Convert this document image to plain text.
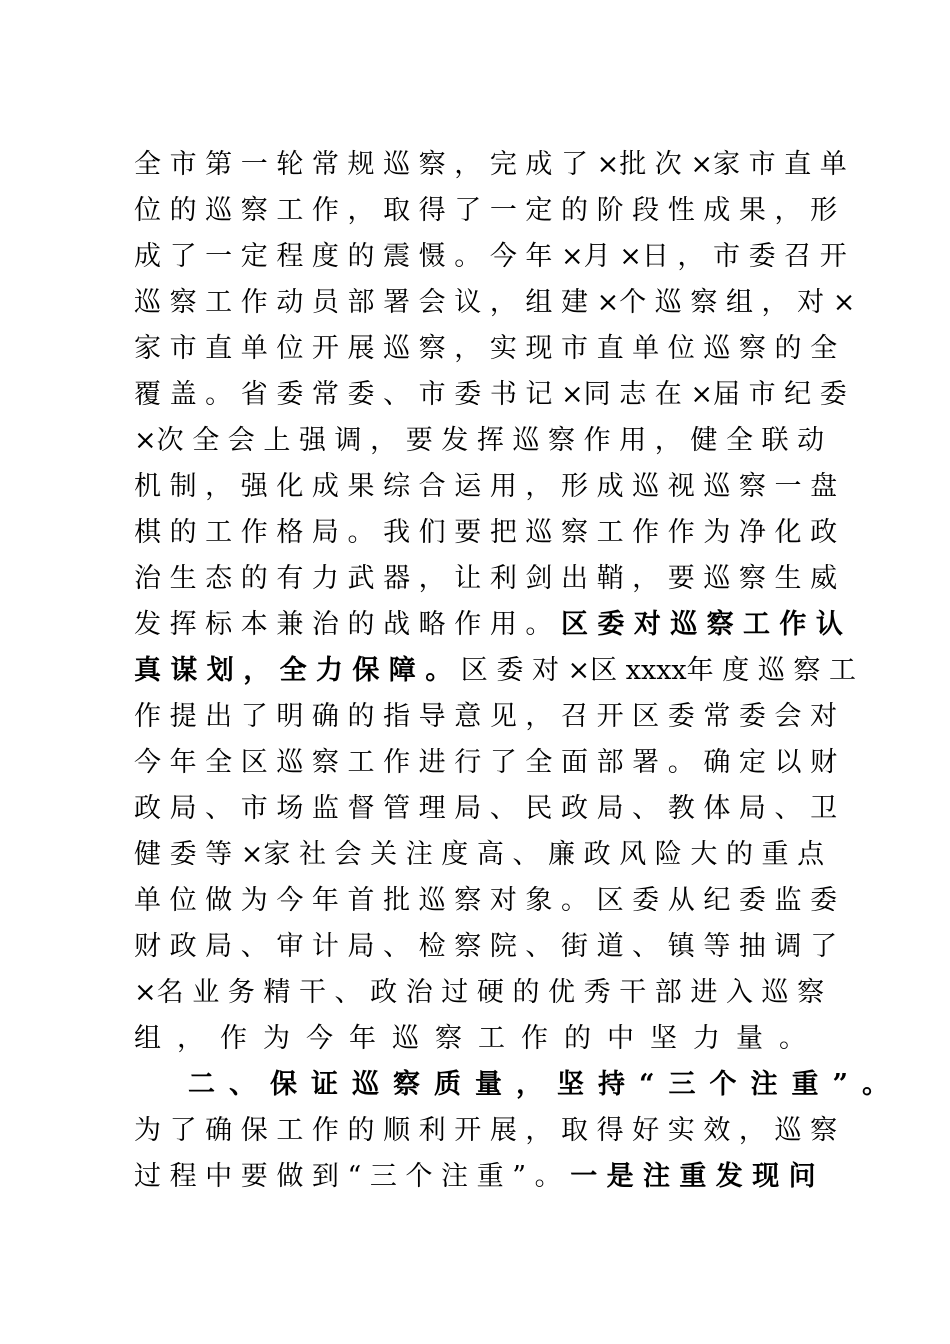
全 市 第 一 轮 常 规 巡 察 ， 完 成 了 ×批 次 ×家 市 直 单
位 的 巡 察 工 作 ， 取 得 了 一 定 的 阶 段 性 成 果 ， 形
成 了 一 定 程 度 的 震 慑 。 今 年 ×月 ×日 ， 市 委 召 开
巡 察 工 作 动 员 部 署 会 议 ， 组 建 ×个 巡 察 组 ， 对 ×
家 市 直 单 位 开 展 巡 察 ， 实 现 市 直 单 位 巡 察 的 全
覆 盖 。 省 委 常 委 、 市 委 书 记 ×同 志 在 ×届 市 纪 委
×次 全 会 上 强 调 ， 要 发 挥 巡 察 作 用 ， 健 全 联 动
机 制 ， 强 化 成 果 综 合 运 用 ， 形 成 巡 视 巡 察 一 盘
棋 的 工 作 格 局 。 我 们 要 把 巡 察 工 作 作 为 净 化 政
治 生 态 的 有 力 武 器 ， 让 利 剑 出 鞘 ， 要 巡 察 生 威
发 挥 标 本 兼 治 的 战 略 作 用 。 区 委 对 巡 察 工 作 认
真 谋 划 ， 全 力 保 障 。 区 委 对 ×区 xxxx年 度 巡 察 工
作 提 出 了 明 确 的 指 导 意 见 ， 召 开 区 委 常 委 会 对
今 年 全 区 巡 察 工 作 进 行 了 全 面 部 署 。 确 定 以 财
政 局 、 市 场 监 督 管 理 局 、 民 政 局 、 教 体 局 、 卫
健 委 等 ×家 社 会 关 注 度 高 、 廉 政 风 险 大 的 重 点
单 位 做 为 今 年 首 批 巡 察 对 象 。 区 委 从 纪 委 监 委
财 政 局 、 审 计 局 、 检 察 院 、 街 道 、 镇 等 抽 调 了
×名 业 务 精 干 、 政 治 过 硬 的 优 秀 干 部 进 入 巡 察
组，作为今年巡察工作的中坚力量。
二、保证巡察质量，坚持“三个注重”。
为 了 确 保 工 作 的 顺 利 开 展 ， 取 得 好 实 效 ， 巡 察
过 程 中 要 做 到 “ 三 个 注 重 ” 。 一 是 注 重 发 现 问
